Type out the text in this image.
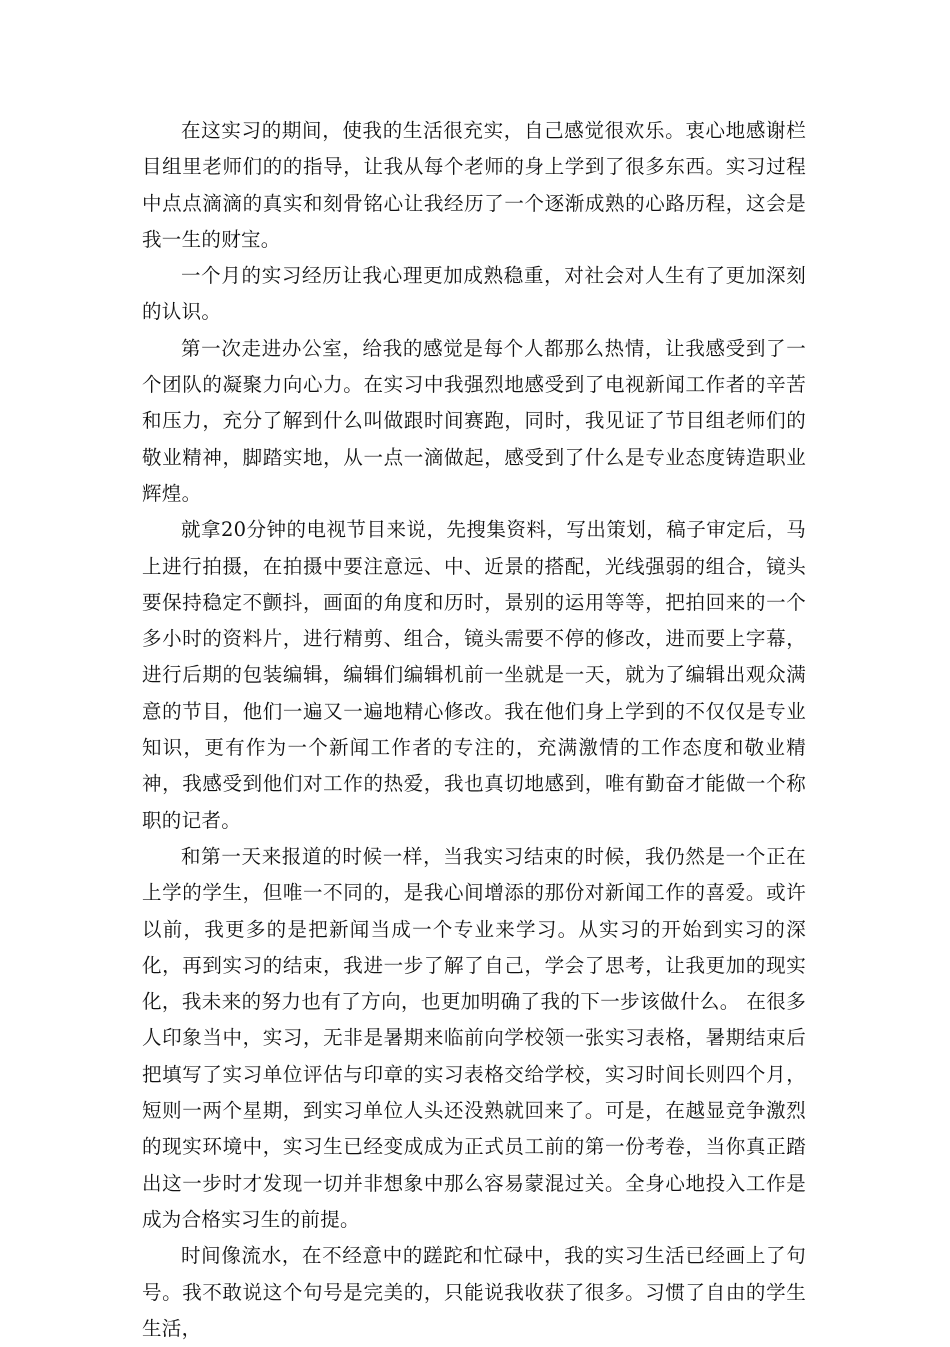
在这实习的期间，使我的生活很充实，自己感觉很欢乐。衷心地感谢栏目组里老师们的的指导，让我从每个老师的身上学到了很多东西。实习过程中点点滴滴的真实和刻骨铭心让我经历了一个逐渐成熟的心路历程，这会是我一生的财宝。

一个月的实习经历让我心理更加成熟稳重，对社会对人生有了更加深刻的认识。

第一次走进办公室，给我的感觉是每个人都那么热情，让我感受到了一个团队的凝聚力向心力。在实习中我强烈地感受到了电视新闻工作者的辛苦和压力，充分了解到什么叫做跟时间赛跑，同时，我见证了节目组老师们的敬业精神，脚踏实地，从一点一滴做起，感受到了什么是专业态度铸造职业辉煌。

就拿20分钟的电视节目来说，先搜集资料，写出策划，稿子审定后，马上进行拍摄，在拍摄中要注意远、中、近景的搭配，光线强弱的组合，镜头要保持稳定不颤抖，画面的角度和历时，景别的运用等等，把拍回来的一个多小时的资料片，进行精剪、组合，镜头需要不停的修改，进而要上字幕，进行后期的包装编辑，编辑们编辑机前一坐就是一天，就为了编辑出观众满意的节目，他们一遍又一遍地精心修改。我在他们身上学到的不仅仅是专业知识，更有作为一个新闻工作者的专注的，充满激情的工作态度和敬业精神，我感受到他们对工作的热爱，我也真切地感到，唯有勤奋才能做一个称职的记者。

和第一天来报道的时候一样，当我实习结束的时候，我仍然是一个正在上学的学生，但唯一不同的，是我心间增添的那份对新闻工作的喜爱。或许以前，我更多的是把新闻当成一个专业来学习。从实习的开始到实习的深化，再到实习的结束，我进一步了解了自己，学会了思考，让我更加的现实化，我未来的努力也有了方向，也更加明确了我的下一步该做什么。 在很多人印象当中，实习，无非是暑期来临前向学校领一张实习表格，暑期结束后把填写了实习单位评估与印章的实习表格交给学校，实习时间长则四个月，短则一两个星期，到实习单位人头还没熟就回来了。可是，在越显竞争激烈的现实环境中，实习生已经变成成为正式员工前的第一份考卷，当你真正踏出这一步时才发现一切并非想象中那么容易蒙混过关。全身心地投入工作是成为合格实习生的前提。

时间像流水，在不经意中的蹉跎和忙碌中，我的实习生活已经画上了句号。我不敢说这个句号是完美的，只能说我收获了很多。习惯了自由的学生生活，
